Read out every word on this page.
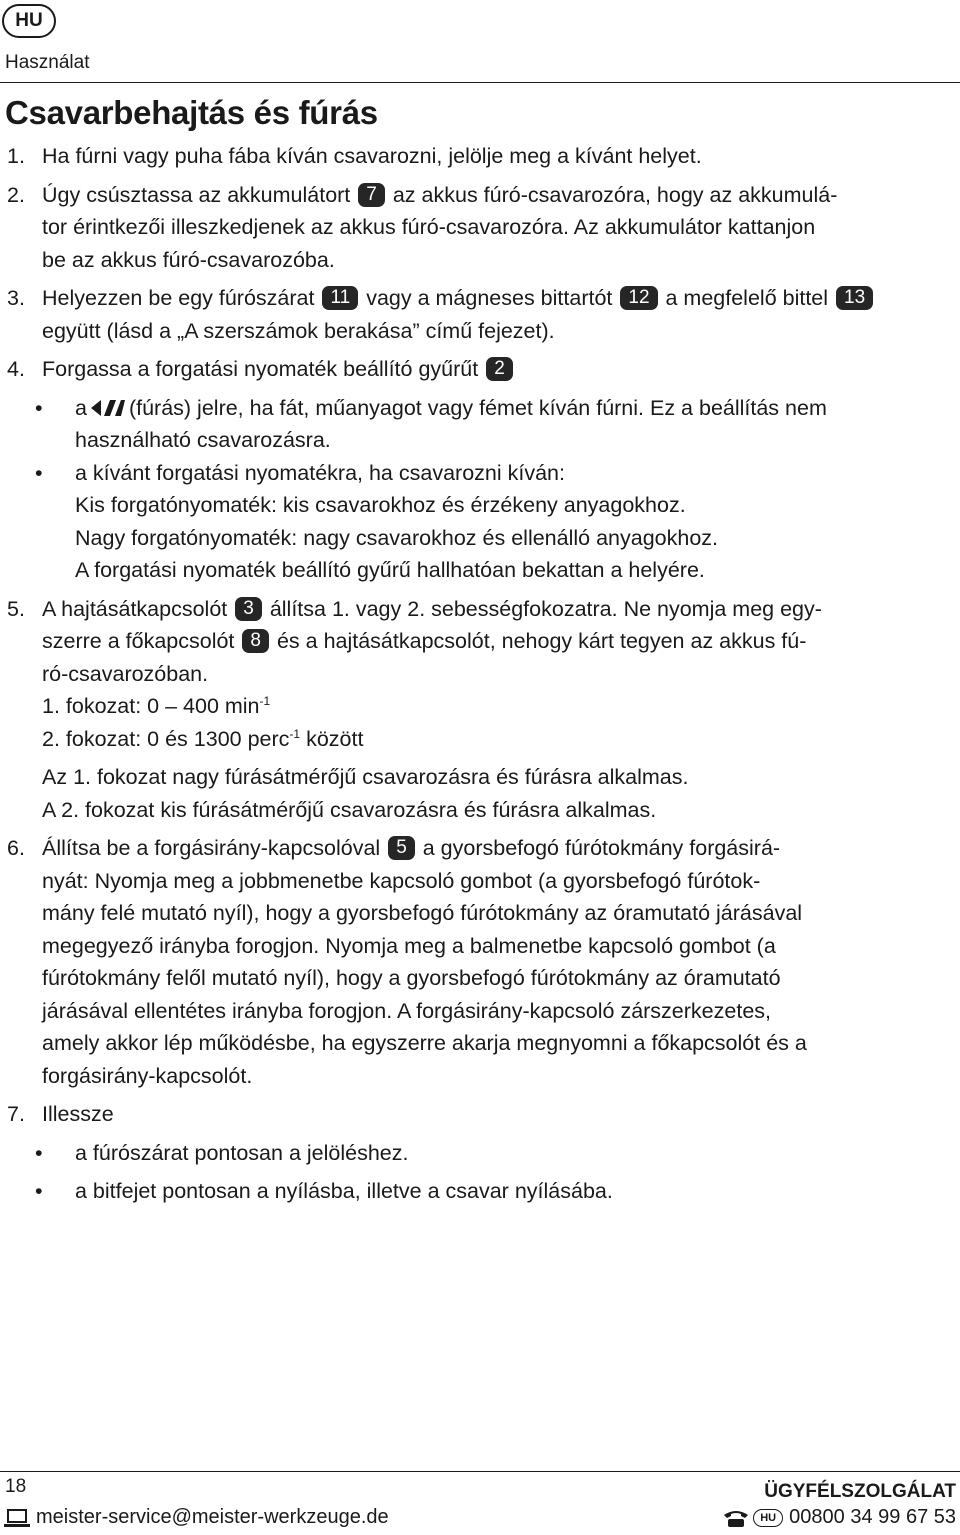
HU
Használat
Csavarbehajtás és fúrás
1. Ha fúrni vagy puha fába kíván csavarozni, jelölje meg a kívánt helyet.

2. Úgy csúsztassa az akkumulátort 7 az akkus fúró-csavarozóra, hogy az akkumulá-

tor érintkezői illeszkedjenek az akkus fúró-csavarozóra. Az akkumulátor kattanjon

be az akkus fúró-csavarozóba.

3. Helyezzen be egy fúrószárat 11 vagy a mágneses bittartót 12 a megfelelő bittel 13

együtt (lásd a „A szerszámok berakása” című fejezet).

4. Forgassa a forgatási nyomaték beállító gyűrűt 2

• a (fúrás) jelre, ha fát, műanyagot vagy fémet kíván fúrni. Ez a beállítás nem

használható csavarozásra.

• a kívánt forgatási nyomatékra, ha csavarozni kíván:

Kis forgatónyomaték: kis csavarokhoz és érzékeny anyagokhoz.

Nagy forgatónyomaték: nagy csavarokhoz és ellenálló anyagokhoz.

A forgatási nyomaték beállító gyűrű hallhatóan bekattan a helyére.

5. A hajtásátkapcsolót 3 állítsa 1. vagy 2. sebességfokozatra. Ne nyomja meg egy-

szerre a főkapcsolót 8 és a hajtásátkapcsolót, nehogy kárt tegyen az akkus fú-

ró-csavarozóban.

1. fokozat: 0 – 400 $\min^{-1}$

2. fokozat: 0 és 1300 perc$^{-1}$ között

Az 1. fokozat nagy fúrásátmérőjű csavarozásra és fúrásra alkalmas.

A 2. fokozat kis fúrásátmérőjű csavarozásra és fúrásra alkalmas.

6. Állítsa be a forgásirány-kapcsolóval 5 a gyorsbefogó fúrótokmány forgásirá-

nyát: Nyomja meg a jobbmenetbe kapcsoló gombot (a gyorsbefogó fúrótok-

mány felé mutató nyíl), hogy a gyorsbefogó fúrótokmány az óramutató járásával

megegyező irányba forogjon. Nyomja meg a balmenetbe kapcsoló gombot (a

fúrótokmány felől mutató nyíl), hogy a gyorsbefogó fúrótokmány az óramutató

járásával ellentétes irányba forogjon. A forgásirány-kapcsoló zárszerkezetes,

amely akkor lép működésbe, ha egyszerre akarja megnyomni a főkapcsolót és a

forgásirány-kapcsolót.

7. Illessze

• a fúrószárat pontosan a jelöléshez.

• a bitfejet pontosan a nyílásba, illetve a csavar nyílásába.

18	ÜGYFÉLSZOLGÁLAT
meister-service@meister-werkzeuge.de	HU 00800 34 99 67 53
